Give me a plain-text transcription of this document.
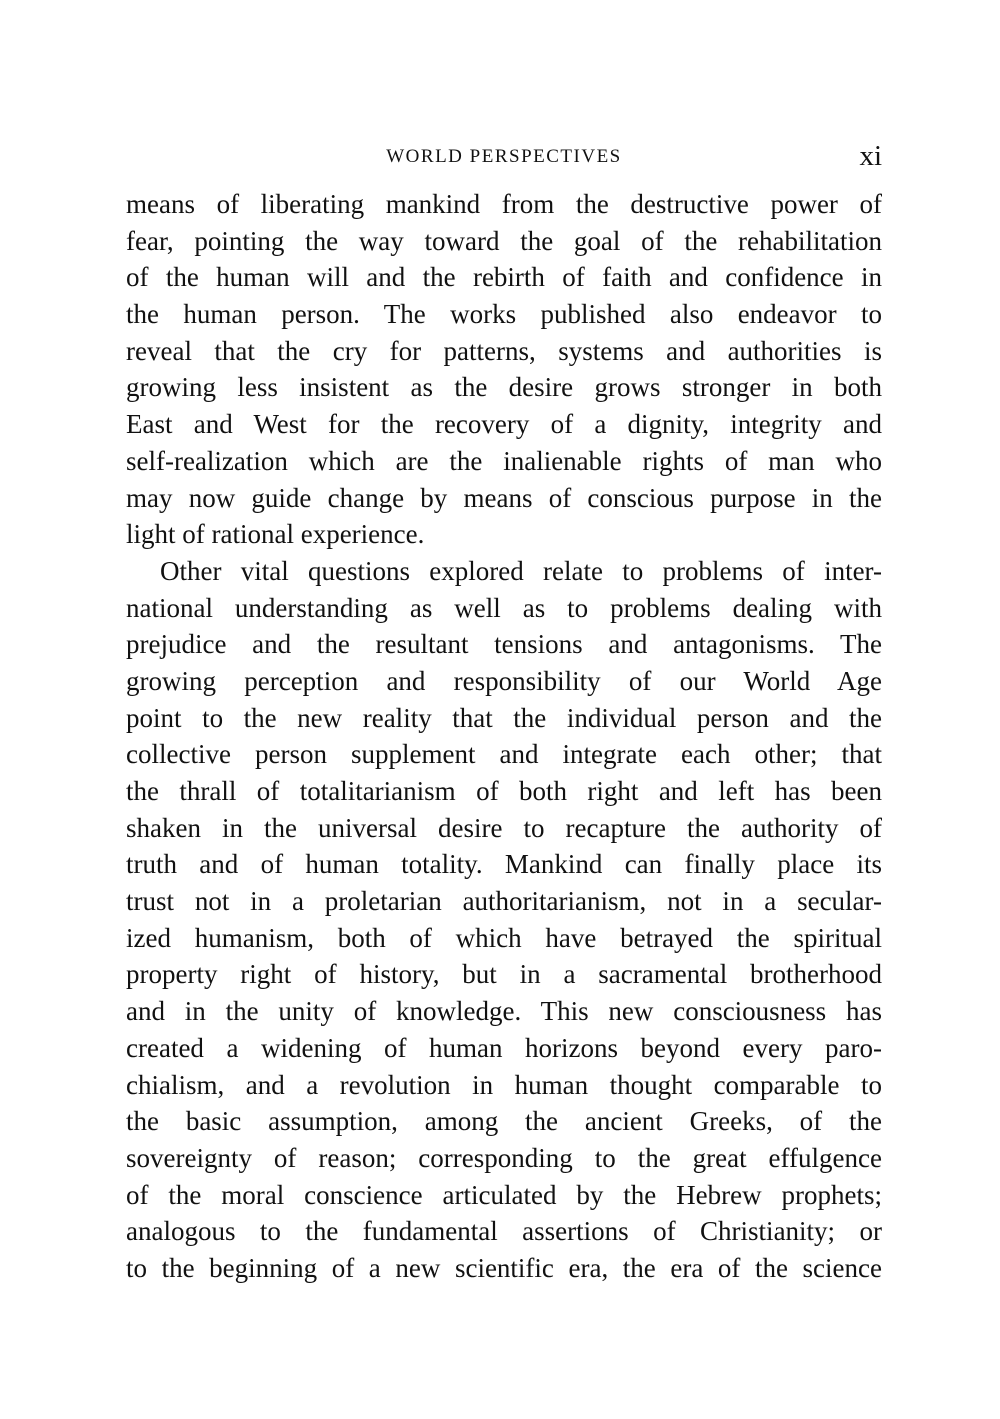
WORLD PERSPECTIVES	xi
means of liberating mankind from the destructive power of
fear, pointing the way toward the goal of the rehabilitation
of the human will and the rebirth of faith and confidence in
the human person. The works published also endeavor to
reveal that the cry for patterns, systems and authorities is
growing less insistent as the desire grows stronger in both
East and West for the recovery of a dignity, integrity and
self-realization which are the inalienable rights of man who
may now guide change by means of conscious purpose in the
light of rational experience.
Other vital questions explored relate to problems of inter-
national understanding as well as to problems dealing with
prejudice and the resultant tensions and antagonisms. The
growing perception and responsibility of our World Age
point to the new reality that the individual person and the
collective person supplement and integrate each other; that
the thrall of totalitarianism of both right and left has been
shaken in the universal desire to recapture the authority of
truth and of human totality. Mankind can finally place its
trust not in a proletarian authoritarianism, not in a secular-
ized humanism, both of which have betrayed the spiritual
property right of history, but in a sacramental brotherhood
and in the unity of knowledge. This new consciousness has
created a widening of human horizons beyond every paro-
chialism, and a revolution in human thought comparable to
the basic assumption, among the ancient Greeks, of the
sovereignty of reason; corresponding to the great effulgence
of the moral conscience articulated by the Hebrew prophets;
analogous to the fundamental assertions of Christianity; or
to the beginning of a new scientific era, the era of the science
